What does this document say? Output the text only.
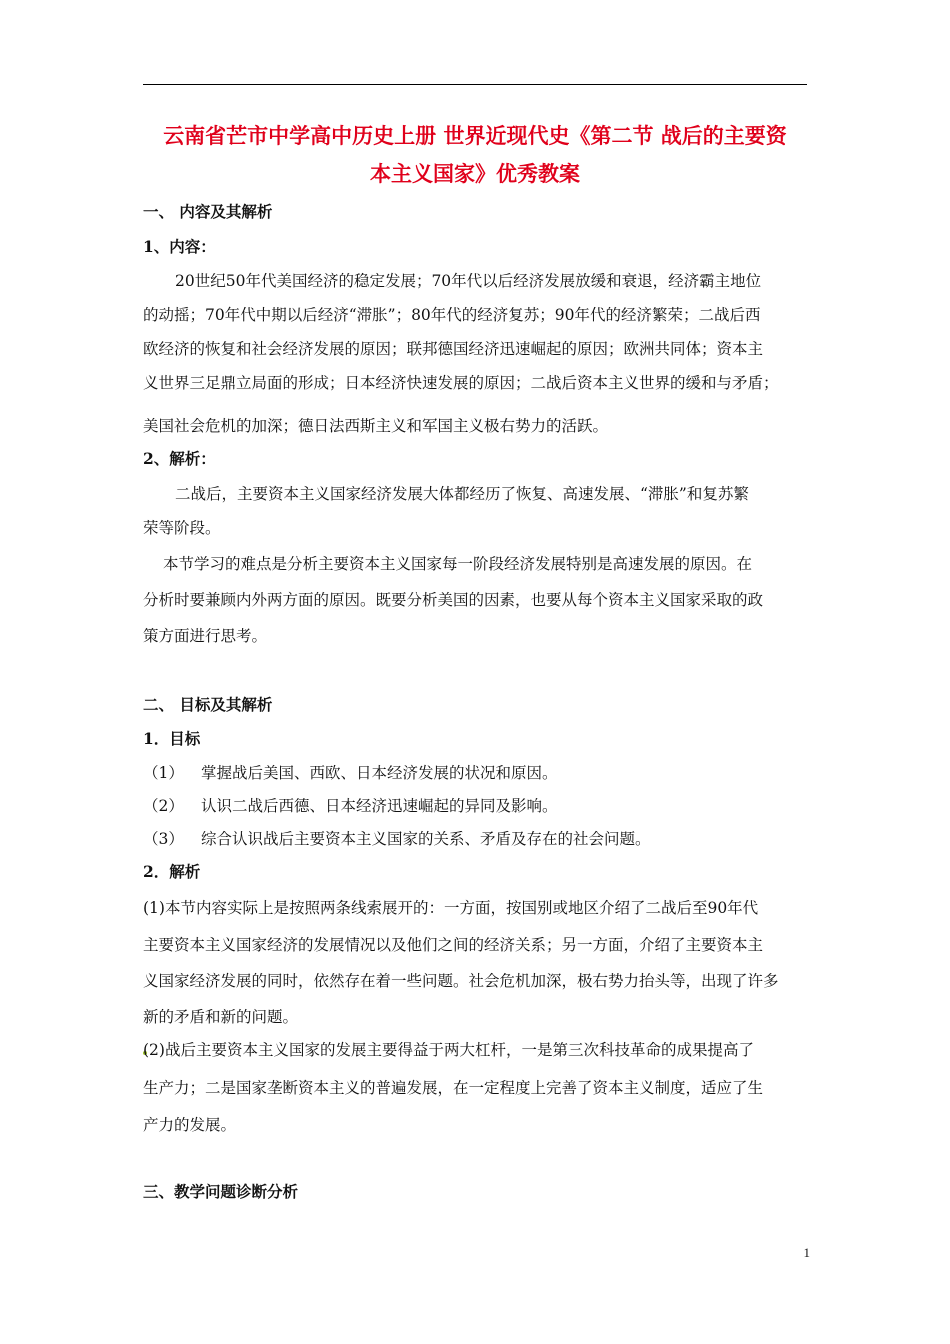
云南省芒市中学高中历史上册 世界近现代史《第二节 战后的主要资
本主义国家》优秀教案
一、 内容及其解析
1、内容：
20世纪50年代美国经济的稳定发展；70年代以后经济发展放缓和衰退，经济霸主地位
的动摇；70年代中期以后经济“滞胀”；80年代的经济复苏；90年代的经济繁荣；二战后西
欧经济的恢复和社会经济发展的原因；联邦德国经济迅速崛起的原因；欧洲共同体；资本主
义世界三足鼎立局面的形成；日本经济快速发展的原因；二战后资本主义世界的缓和与矛盾；
美国社会危机的加深；德日法西斯主义和军国主义极右势力的活跃。
2、解析：
二战后，主要资本主义国家经济发展大体都经历了恢复、高速发展、“滞胀”和复苏繁
荣等阶段。
本节学习的难点是分析主要资本主义国家每一阶段经济发展特别是高速发展的原因。在
分析时要兼顾内外两方面的原因。既要分析美国的因素，也要从每个资本主义国家采取的政
策方面进行思考。
二、 目标及其解析
1．目标
（1） 掌握战后美国、西欧、日本经济发展的状况和原因。
（2） 认识二战后西德、日本经济迅速崛起的异同及影响。
（3） 综合认识战后主要资本主义国家的关系、矛盾及存在的社会问题。
2．解析
(1)本节内容实际上是按照两条线索展开的：一方面，按国别或地区介绍了二战后至90年代
主要资本主义国家经济的发展情况以及他们之间的经济关系；另一方面，介绍了主要资本主
义国家经济发展的同时，依然存在着一些问题。社会危机加深，极右势力抬头等，出现了许多
新的矛盾和新的问题。
(2)战后主要资本主义国家的发展主要得益于两大杠杆，一是第三次科技革命的成果提高了
生产力；二是国家垄断资本主义的普遍发展，在一定程度上完善了资本主义制度，适应了生
产力的发展。
三、教学问题诊断分析
1
